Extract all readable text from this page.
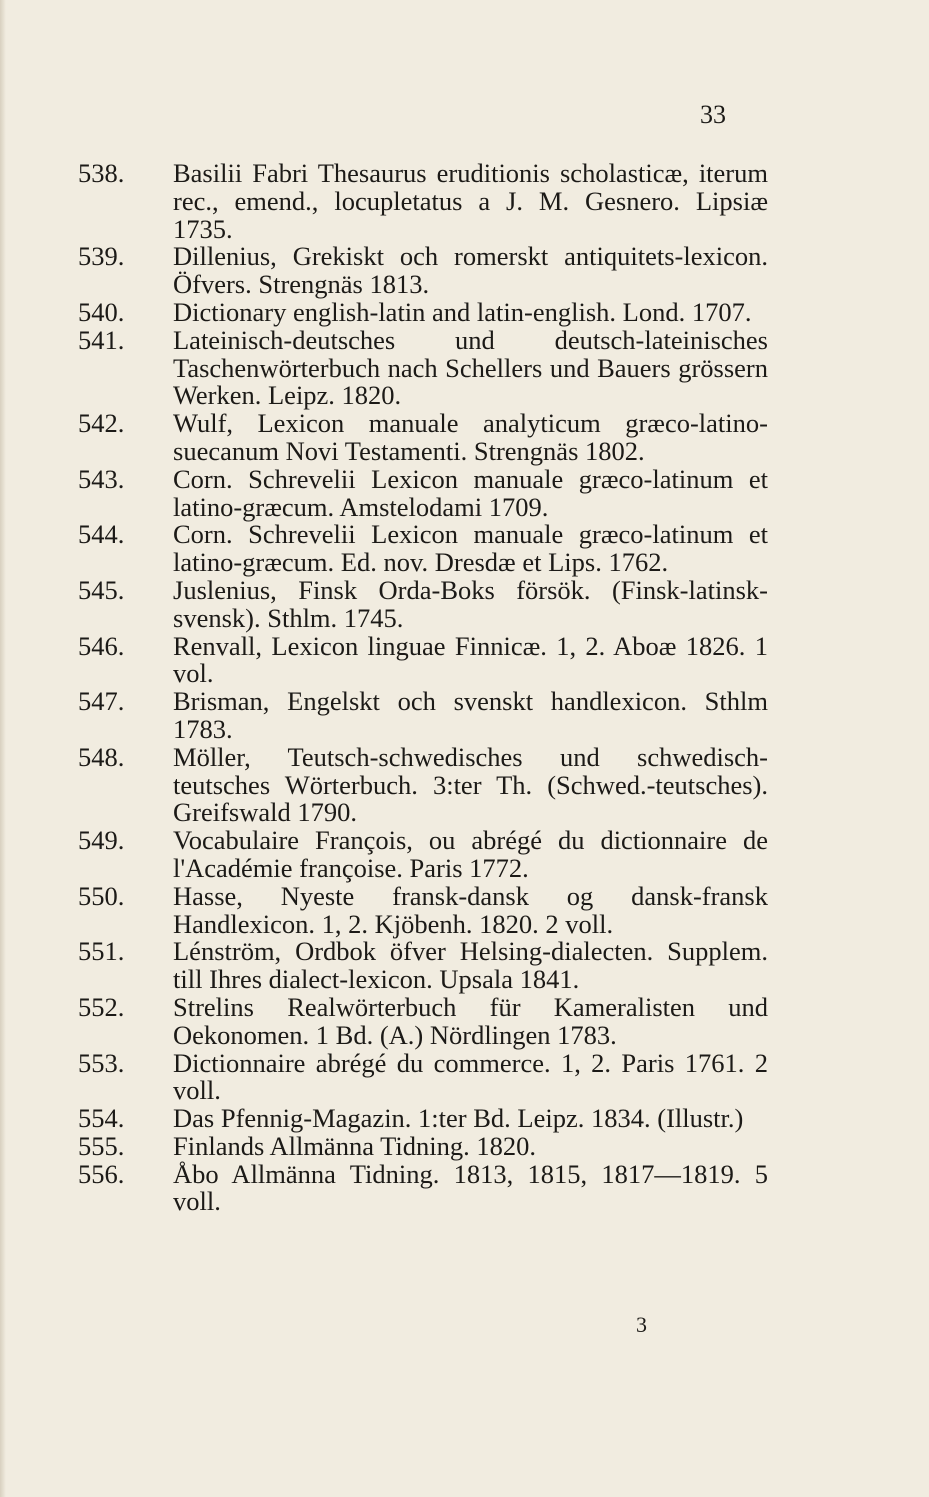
33
538.	Basilii Fabri Thesaurus eruditionis scholasticæ, iterum rec., emend., locupletatus a J. M. Gesnero. Lipsiæ 1735.
539.	Dillenius, Grekiskt och romerskt antiquitets-lexicon. Öfvers. Strengnäs 1813.
540.	Dictionary english-latin and latin-english. Lond. 1707.
541.	Lateinisch-deutsches und deutsch-lateinisches Taschenwörterbuch nach Schellers und Bauers grössern Werken. Leipz. 1820.
542.	Wulf, Lexicon manuale analyticum græco-latino-suecanum Novi Testamenti. Strengnäs 1802.
543.	Corn. Schrevelii Lexicon manuale græco-latinum et latino-græcum. Amstelodami 1709.
544.	Corn. Schrevelii Lexicon manuale græco-latinum et latino-græcum. Ed. nov. Dresdæ et Lips. 1762.
545.	Juslenius, Finsk Orda-Boks försök. (Finsk-latinsk-svensk). Sthlm. 1745.
546.	Renvall, Lexicon linguae Finnicæ. 1, 2. Aboæ 1826. 1 vol.
547.	Brisman, Engelskt och svenskt handlexicon. Sthlm 1783.
548.	Möller, Teutsch-schwedisches und schwedisch-teutsches Wörterbuch. 3:ter Th. (Schwed.-teutsches). Greifswald 1790.
549.	Vocabulaire François, ou abrégé du dictionnaire de l'Académie françoise. Paris 1772.
550.	Hasse, Nyeste fransk-dansk og dansk-fransk Handlexicon. 1, 2. Kjöbenh. 1820. 2 voll.
551.	Lénström, Ordbok öfver Helsing-dialecten. Supplem. till Ihres dialect-lexicon. Upsala 1841.
552.	Strelins Realwörterbuch für Kameralisten und Oekonomen. 1 Bd. (A.) Nördlingen 1783.
553.	Dictionnaire abrégé du commerce. 1, 2. Paris 1761. 2 voll.
554.	Das Pfennig-Magazin. 1:ter Bd. Leipz. 1834. (Illustr.)
555.	Finlands Allmänna Tidning. 1820.
556.	Åbo Allmänna Tidning. 1813, 1815, 1817—1819. 5 voll.
3
